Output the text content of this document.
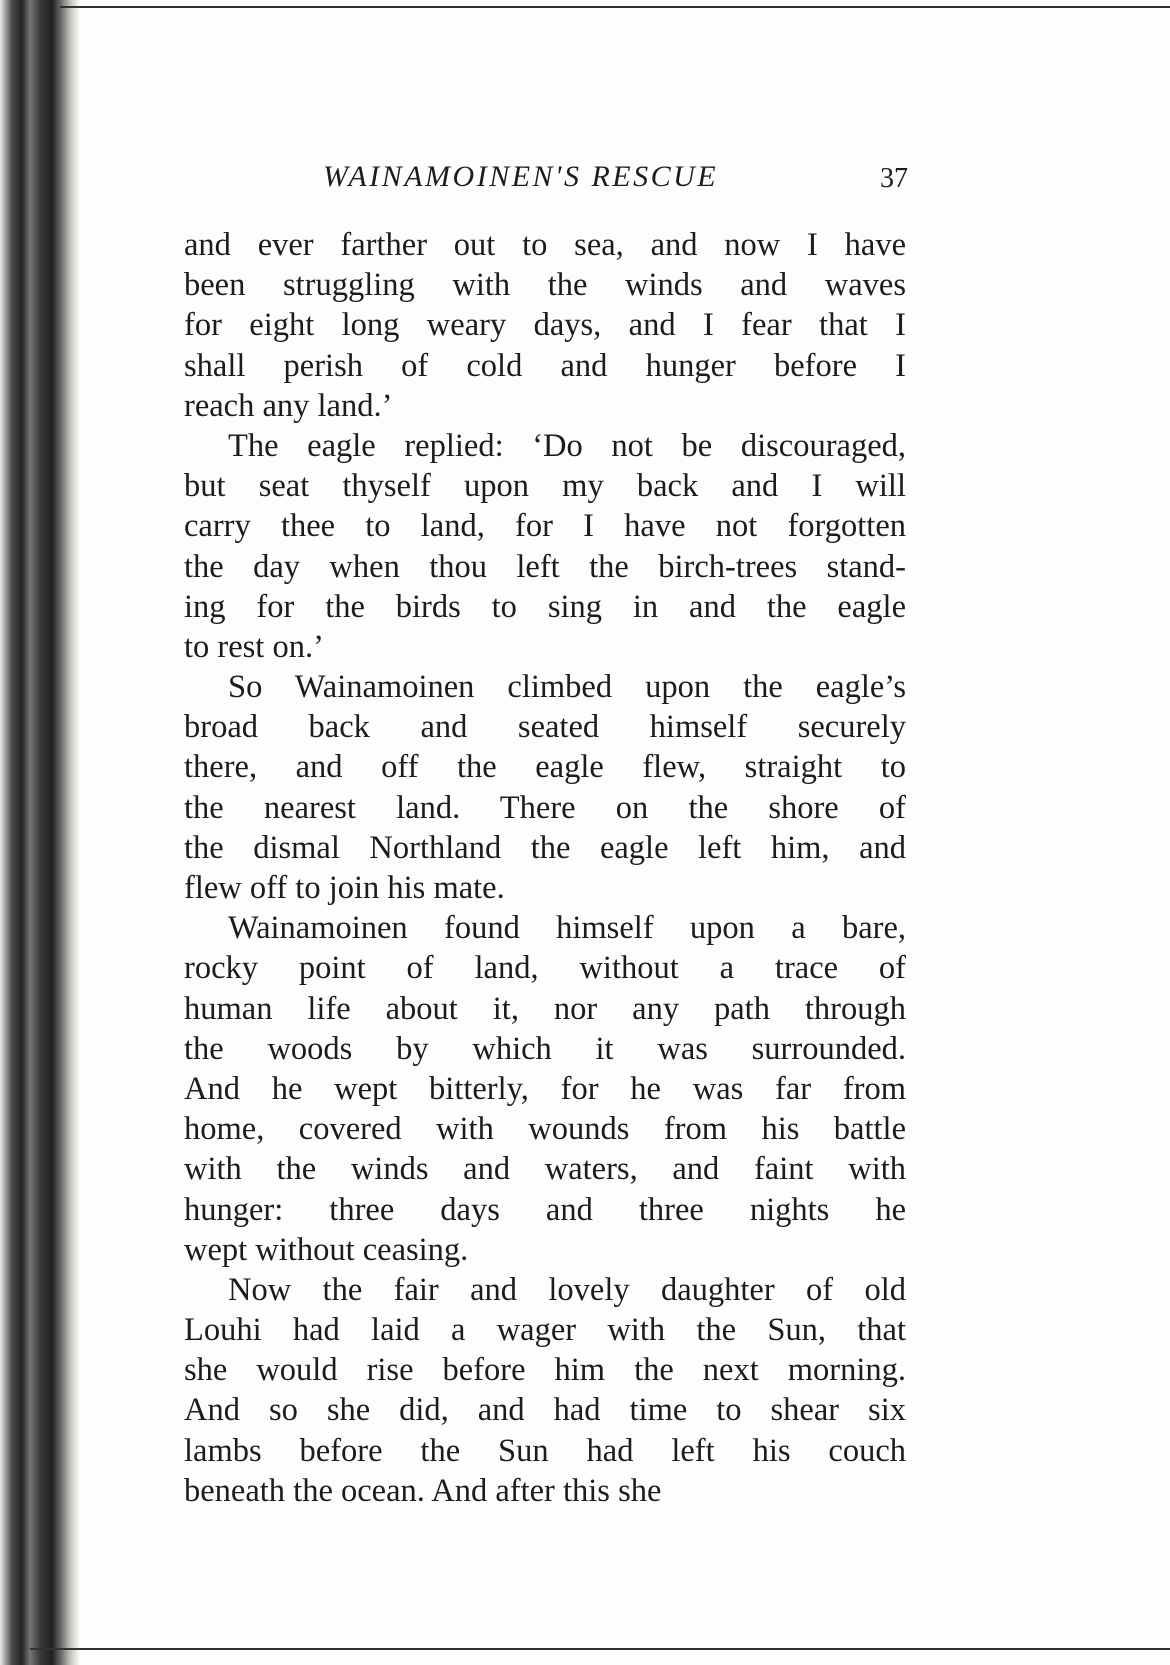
WAINAMOINEN'S RESCUE	37
and ever farther out to sea, and now I have
been struggling with the winds and waves
for eight long weary days, and I fear that I
shall perish of cold and hunger before I
reach any land.’
The eagle replied: ‘Do not be discouraged,
but seat thyself upon my back and I will
carry thee to land, for I have not forgotten
the day when thou left the birch-trees stand-
ing for the birds to sing in and the eagle
to rest on.’
So Wainamoinen climbed upon the eagle’s
broad back and seated himself securely
there, and off the eagle flew, straight to
the nearest land. There on the shore of
the dismal Northland the eagle left him, and
flew off to join his mate.
Wainamoinen found himself upon a bare,
rocky point of land, without a trace of
human life about it, nor any path through
the woods by which it was surrounded.
And he wept bitterly, for he was far from
home, covered with wounds from his battle
with the winds and waters, and faint with
hunger: three days and three nights he
wept without ceasing.
Now the fair and lovely daughter of old
Louhi had laid a wager with the Sun, that
she would rise before him the next morning.
And so she did, and had time to shear six
lambs before the Sun had left his couch
beneath the ocean. And after this she
